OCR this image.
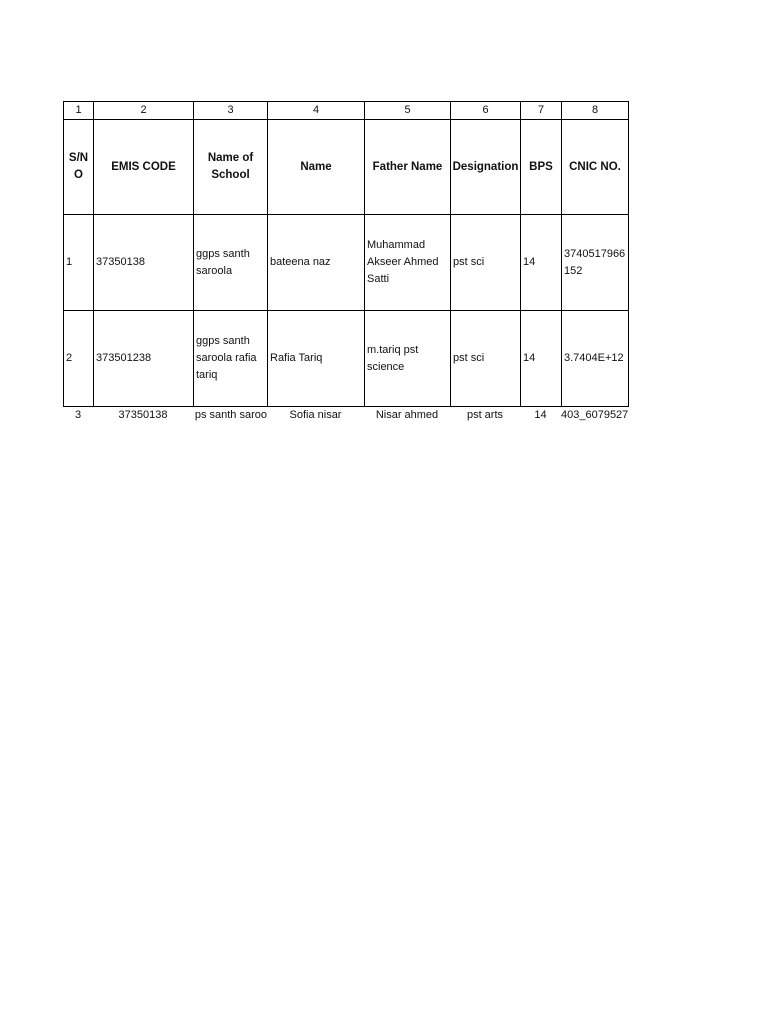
1	2	3	4	5	6	7	8
S/N O	EMIS CODE	Name of School	Name	Father Name	Designation	BPS	CNIC NO.
1	37350138	ggps santh saroola	bateena naz	Muhammad Akseer Ahmed Satti	pst sci	14	3740517966 152
2	373501238	ggps santh saroola rafia tariq	Rafia Tariq	m.tariq pst science	pst sci	14	3.7404E+12
3	37350138	ps santh saroo	Sofia nisar	Nisar ahmed	pst arts	14	403_6079527
